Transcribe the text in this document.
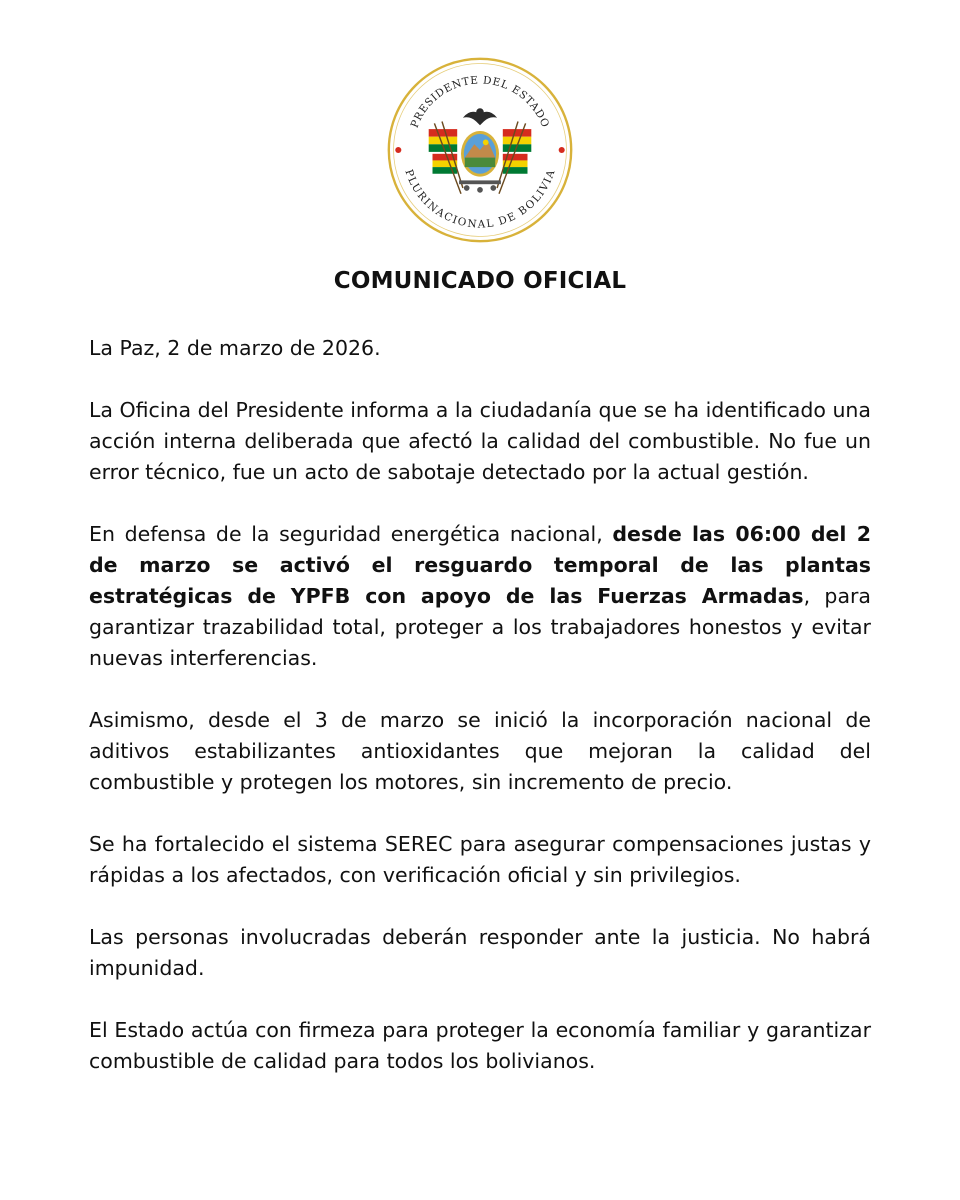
PRESIDENTE DEL ESTADO
PLURINACIONAL DE BOLIVIA
COMUNICADO OFICIAL

La Paz, 2 de marzo de 2026.

La Oficina del Presidente informa a la ciudadanía que se ha identificado una acción interna deliberada que afectó la calidad del combustible. No fue un error técnico, fue un acto de sabotaje detectado por la actual gestión.

En defensa de la seguridad energética nacional, desde las 06:00 del 2 de marzo se activó el resguardo temporal de las plantas estratégicas de YPFB con apoyo de las Fuerzas Armadas, para garantizar trazabilidad total, proteger a los trabajadores honestos y evitar nuevas interferencias.

Asimismo, desde el 3 de marzo se inició la incorporación nacional de aditivos estabilizantes antioxidantes que mejoran la calidad del combustible y protegen los motores, sin incremento de precio.

Se ha fortalecido el sistema SEREC para asegurar compensaciones justas y rápidas a los afectados, con verificación oficial y sin privilegios.

Las personas involucradas deberán responder ante la justicia. No habrá impunidad.

El Estado actúa con firmeza para proteger la economía familiar y garantizar combustible de calidad para todos los bolivianos.
